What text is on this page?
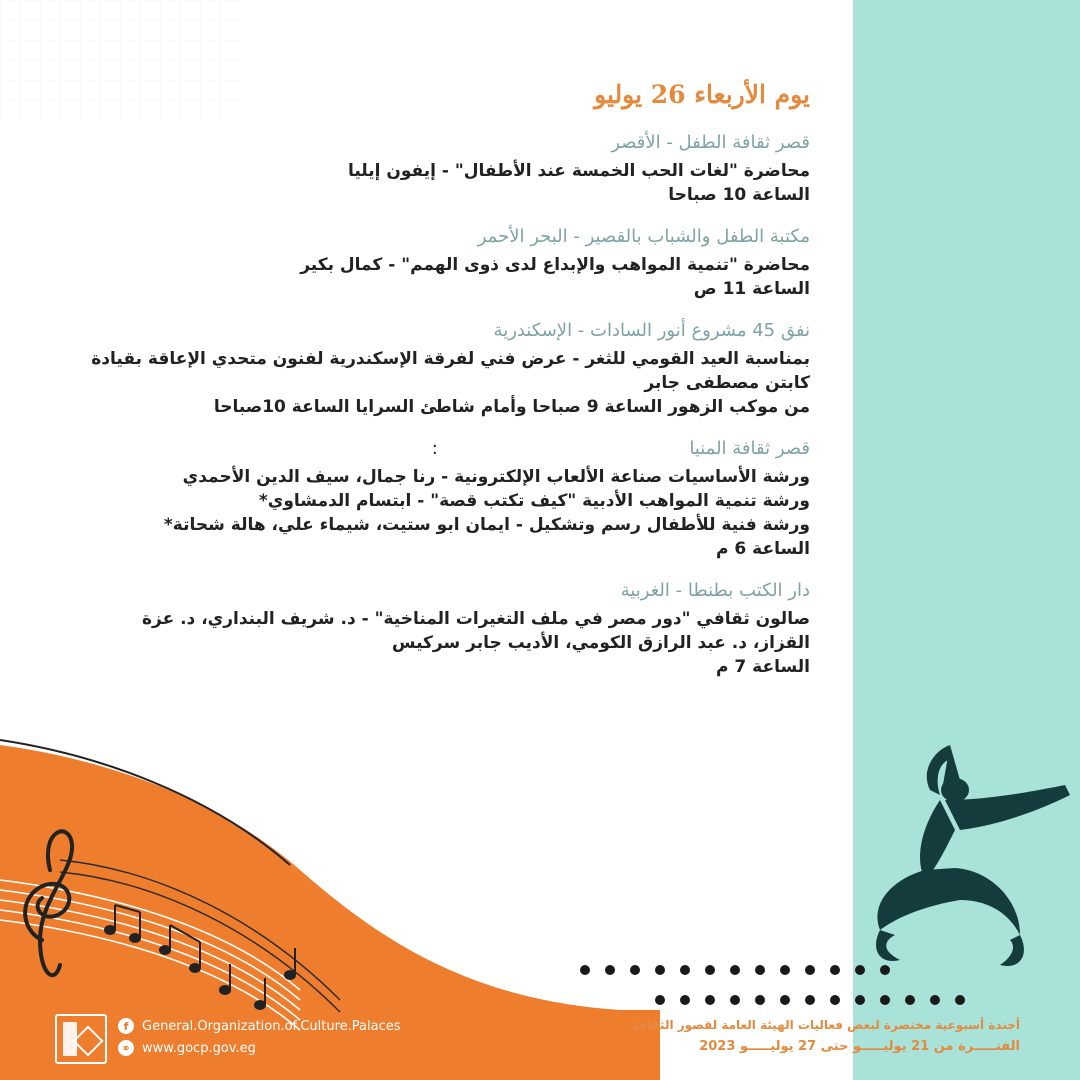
يوم الأربعاء 26 يوليو
قصر ثقافة الطفل - الأقصر
محاضرة "لغات الحب الخمسة عند الأطفال" - إيفون إيليا
الساعة 10 صباحا
مكتبة الطفل والشباب بالقصير - البحر الأحمر
محاضرة "تنمية المواهب والإبداع لدى ذوى الهمم" - كمال بكير
الساعة 11 ص
نفق 45 مشروع أنور السادات - الإسكندرية
بمناسبة العيد القومي للثغر - عرض فني لفرقة الإسكندرية لفنون متحدي الإعاقة بقيادة
كابتن مصطفى جابر
من موكب الزهور الساعة 9 صباحا وأمام شاطئ السرايا الساعة 10صباحا
قصر ثقافة المنيا  :
ورشة الأساسيات صناعة الألعاب الإلكترونية - رنا جمال، سيف الدين الأحمدي
ورشة تنمية المواهب الأدبية "كيف تكتب قصة" - ابتسام الدمشاوي*
ورشة فنية للأطفال رسم وتشكيل - ايمان ابو ستيت، شيماء علي، هالة شحاتة*
الساعة 6 م
دار الكتب بطنطا - الغربية
صالون ثقافي "دور مصر في ملف التغيرات المناخية" - د. شريف البنداري، د. عزة
القزاز، د. عبد الرازق الكومي، الأديب جابر سركيس
الساعة 7 م
f	General.Organization.of.Culture.Palaces
⚭ www.gocp.gov.eg
أجندة أسبوعية مختصرة لبعض فعاليات الهيئة العامة لقصور الثقافة
الفتـــــرة من 21 يوليـــــو حتى 27 يوليـــــو 2023
